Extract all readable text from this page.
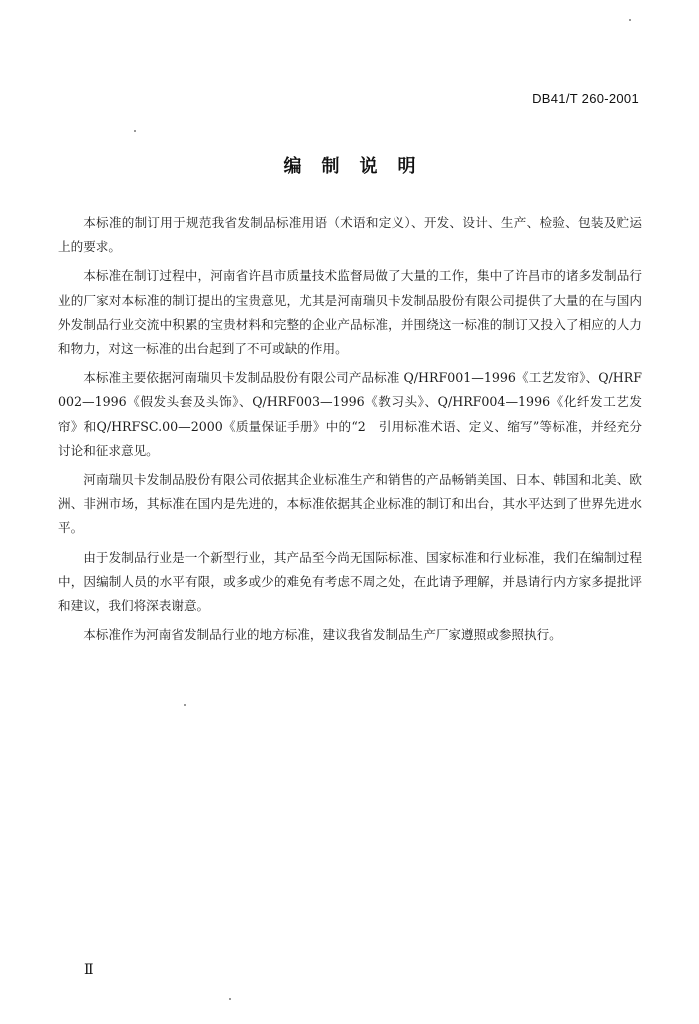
DB41/T 260-2001
编制说明

本标准的制订用于规范我省发制品标准用语（术语和定义）、开发、设计、生产、检验、包装及贮运上的要求。

本标准在制订过程中，河南省许昌市质量技术监督局做了大量的工作，集中了许昌市的诸多发制品行业的厂家对本标准的制订提出的宝贵意见，尤其是河南瑞贝卡发制品股份有限公司提供了大量的在与国内外发制品行业交流中积累的宝贵材料和完整的企业产品标准，并围绕这一标准的制订又投入了相应的人力和物力，对这一标准的出台起到了不可或缺的作用。

本标准主要依据河南瑞贝卡发制品股份有限公司产品标准 Q/HRF001—1996《工艺发帘》、Q/HRF002—1996《假发头套及头饰》、Q/HRF003—1996《教习头》、Q/HRF004—1996《化纤发工艺发帘》和Q/HRFSC.00—2000《质量保证手册》中的“2　引用标准术语、定义、缩写”等标准，并经充分讨论和征求意见。

河南瑞贝卡发制品股份有限公司依据其企业标准生产和销售的产品畅销美国、日本、韩国和北美、欧洲、非洲市场，其标准在国内是先进的，本标准依据其企业标准的制订和出台，其水平达到了世界先进水平。

由于发制品行业是一个新型行业，其产品至今尚无国际标准、国家标准和行业标准，我们在编制过程中，因编制人员的水平有限，或多或少的难免有考虑不周之处，在此请予理解，并恳请行内方家多提批评和建议，我们将深表谢意。

本标准作为河南省发制品行业的地方标准，建议我省发制品生产厂家遵照或参照执行。

Ⅱ
